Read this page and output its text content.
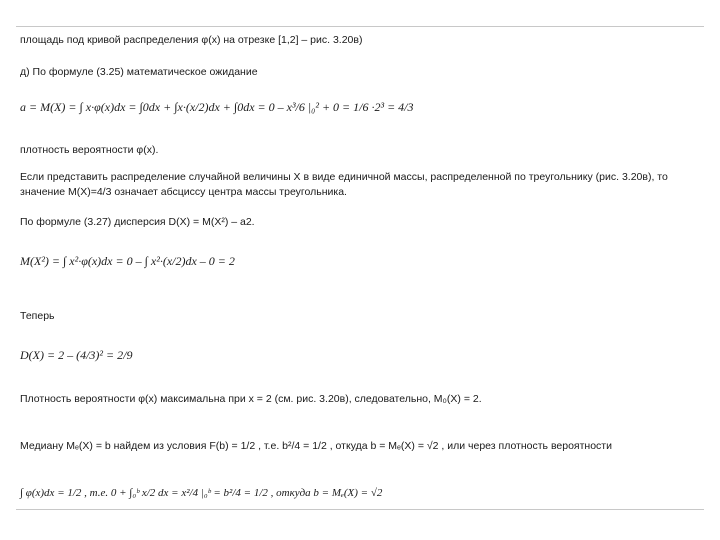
площадь под кривой распределения φ(x) на отрезке [1,2] – рис. 3.20в)
д) По формуле (3.25) математическое ожидание
a = M(X) = ∫ x·φ(x)dx = ∫0dx + ∫x·(x/2)dx + ∫0dx = 0 – x³/6 |₀² + 0 = 1/6 ·2³ = 4/3
плотность вероятности φ(x).
Если представить распределение случайной величины X в виде единичной массы, распределенной по треугольнику (рис. 3.20в), то
значение M(X)=4/3 означает абсциссу центра массы треугольника.
По формуле (3.27) дисперсия D(X) = M(X²) – a2.
M(X²) = ∫ x²·φ(x)dx = 0 – ∫ x²·(x/2)dx – 0 = 2
Теперь
D(X) = 2 – (4/3)² = 2/9
Плотность вероятности φ(x) максимальна при x = 2 (см. рис. 3.20в), следовательно, M₀(X) = 2.
Медиану Mₑ(X) = b найдем из условия F(b) = 1/2 , т.е. b²/4 = 1/2 , откуда b = Mₑ(X) = √2 , или через плотность вероятности
∫ φ(x)dx = 1/2 , т.е. 0 + ∫₀ᵇ x/2 dx = x²/4 |₀ᵇ = b²/4 = 1/2 , откуда b = Mₑ(X) = √2
